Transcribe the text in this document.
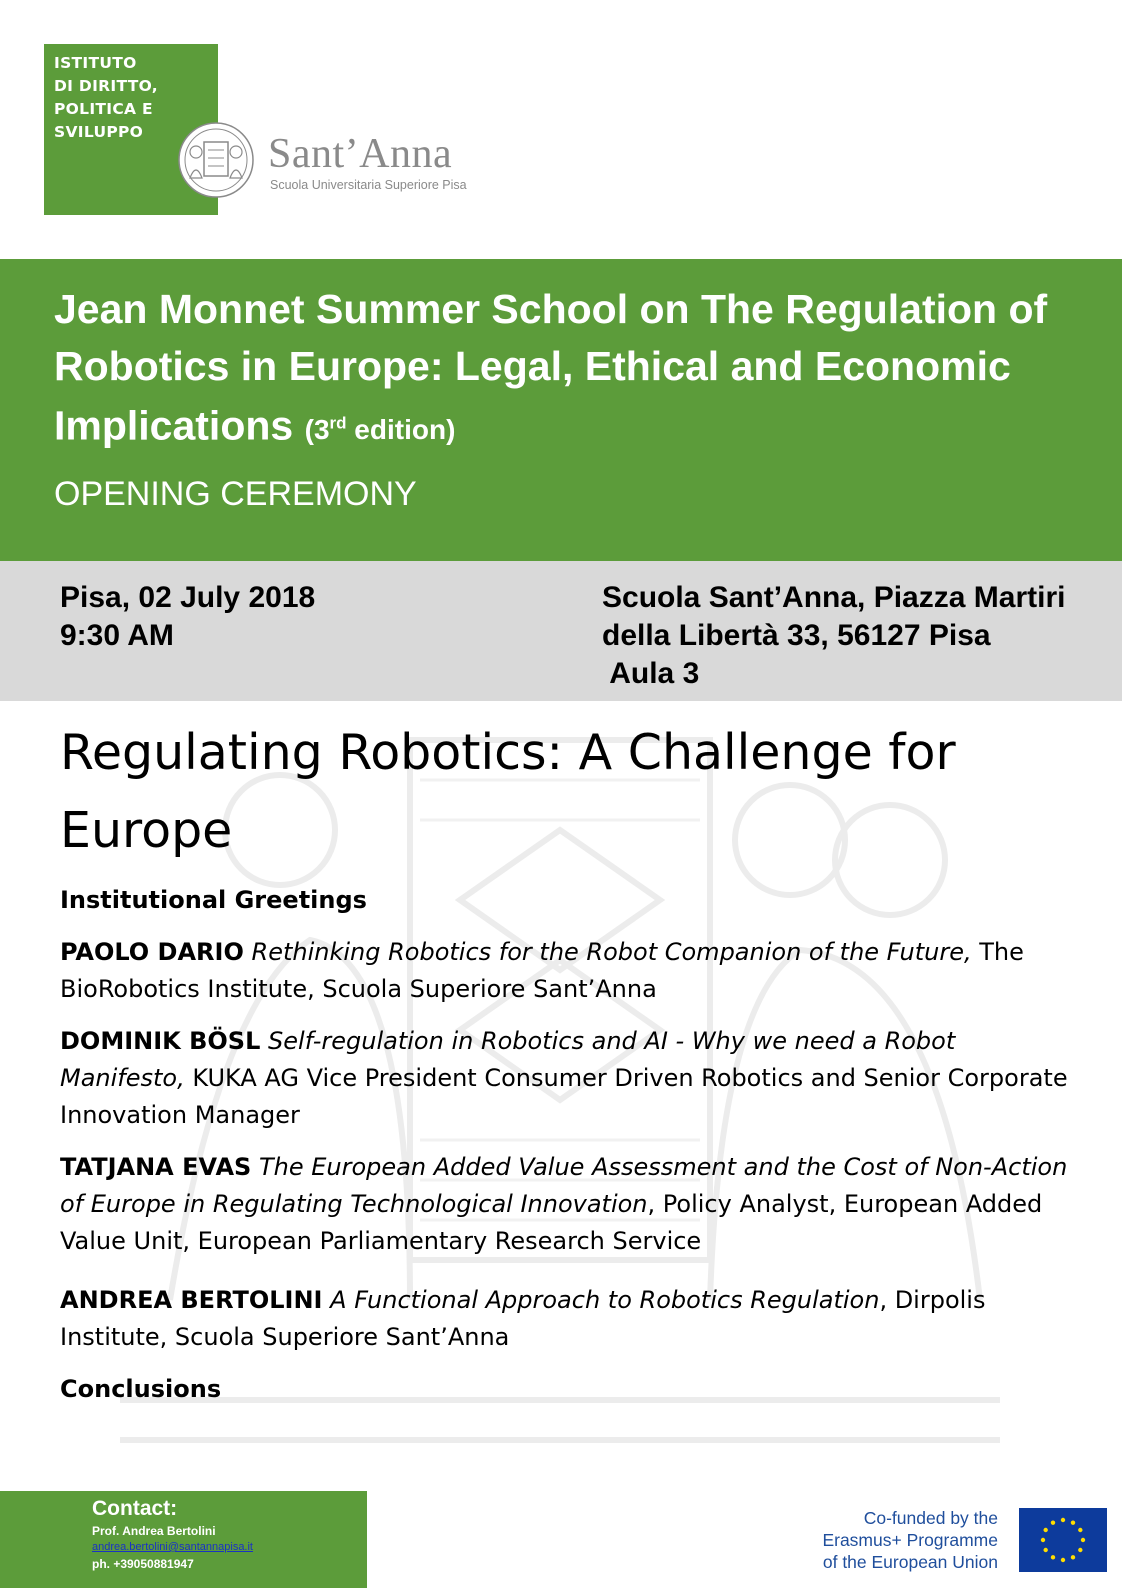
ISTITUTO
DI DIRITTO,
POLITICA E
SVILUPPO	Sant’Anna
Scuola Universitaria Superiore Pisa
Jean Monnet Summer School on The Regulation of Robotics in Europe: Legal, Ethical and Economic Implications (3rd edition)
OPENING CEREMONY
Pisa, 02 July 2018
9:30 AM
Scuola Sant’Anna, Piazza Martiri
della Libertà 33, 56127 Pisa
Aula 3
Regulating Robotics: A Challenge for Europe
Institutional Greetings
PAOLO DARIO Rethinking Robotics for the Robot Companion of the Future, The BioRobotics Institute, Scuola Superiore Sant’Anna
DOMINIK BÖSL Self-regulation in Robotics and AI - Why we need a Robot Manifesto, KUKA AG Vice President Consumer Driven Robotics and Senior Corporate Innovation Manager
TATJANA EVAS The European Added Value Assessment and the Cost of Non-Action of Europe in Regulating Technological Innovation, Policy Analyst, European Added Value Unit, European Parliamentary Research Service
ANDREA BERTOLINI A Functional Approach to Robotics Regulation, Dirpolis Institute, Scuola Superiore Sant’Anna
Conclusions
Contact:
Prof. Andrea Bertolini
andrea.bertolini@santannapisa.it
ph. +39050881947
Co-funded by the
Erasmus+ Programme
of the European Union
